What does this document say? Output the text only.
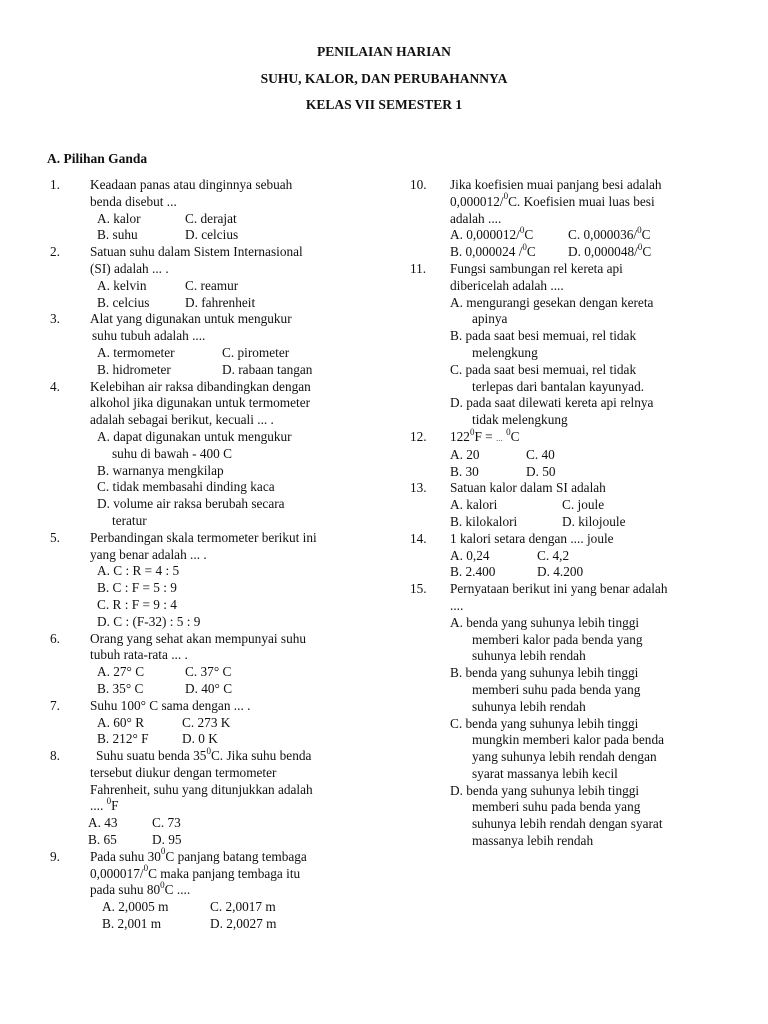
PENILAIAN HARIAN
SUHU, KALOR, DAN PERUBAHANNYA
KELAS VII SEMESTER 1
A. Pilihan Ganda
1.	Keadaan panas atau dinginnya sebuah
benda disebut ...
A. kalor	C. derajat
B. suhu	D. celcius
2.	Satuan suhu dalam Sistem Internasional
(SI) adalah ... .
A. kelvin	C. reamur
B. celcius	D. fahrenheit
3.	Alat yang digunakan untuk mengukur
suhu tubuh adalah ....
A. termometer	C. pirometer
B. hidrometer	D. rabaan tangan
4.	Kelebihan air raksa dibandingkan dengan
alkohol jika digunakan untuk termometer
adalah sebagai berikut, kecuali ... .
A. dapat digunakan untuk mengukur
suhu di bawah - 400 C
B. warnanya mengkilap
C. tidak membasahi dinding kaca
D. volume air raksa berubah secara
teratur
5.	Perbandingan skala termometer berikut ini
yang benar adalah ... .
A. C : R = 4 : 5
B. C : F = 5 : 9
C. R : F = 9 : 4
D. C : (F-32) : 5 : 9
6.	Orang yang sehat akan mempunyai suhu
tubuh rata-rata ... .
A. 27° C	C. 37° C
B. 35° C	D. 40° C
7.	Suhu 100° C sama dengan ... .
A. 60° R	C. 273 K
B. 212° F	D. 0 K
8.	Suhu suatu benda $35^0C$. Jika suhu benda
tersebut diukur dengan termometer
Fahrenheit, suhu yang ditunjukkan adalah
.... $^0$F
A. 43	C. 73
B. 65	D. 95
9.	Pada suhu $30^0C$ panjang batang tembaga
0,000017/$^0$C maka panjang tembaga itu
pada suhu $80^0C$ ....
A. 2,0005 m	C. 2,0017 m
B. 2,001 m	D. 2,0027 m
10.	Jika koefisien muai panjang besi adalah
0,000012/$^0$C. Koefisien muai luas besi
adalah ....
A. 0,000012/$^0$C	C. 0,000036/$^0$C
B. 0,000024 /$^0$C	D. 0,000048/$^0$C
11.	Fungsi sambungan rel kereta api
dibericelah adalah ....
A. mengurangi gesekan dengan kereta
apinya
B. pada saat besi memuai, rel tidak
melengkung
C. pada saat besi memuai, rel tidak
terlepas dari bantalan kayunyad.
D. pada saat dilewati kereta api relnya
tidak melengkung
12.	$122^0F$ = ... $^0$C
A. 20	C. 40
B. 30	D. 50
13.	Satuan kalor dalam SI adalah
A. kalori	C. joule
B. kilokalori	D. kilojoule
14.	1 kalori setara dengan .... joule
A. 0,24	C. 4,2
B. 2.400	D. 4.200
15.	Pernyataan berikut ini yang benar adalah
....
A. benda yang suhunya lebih tinggi
memberi kalor pada benda yang
suhunya lebih rendah
B. benda yang suhunya lebih tinggi
memberi suhu pada benda yang
suhunya lebih rendah
C. benda yang suhunya lebih tinggi
mungkin memberi kalor pada benda
yang suhunya lebih rendah dengan
syarat massanya lebih kecil
D. benda yang suhunya lebih tinggi
memberi suhu pada benda yang
suhunya lebih rendah dengan syarat
massanya lebih rendah
